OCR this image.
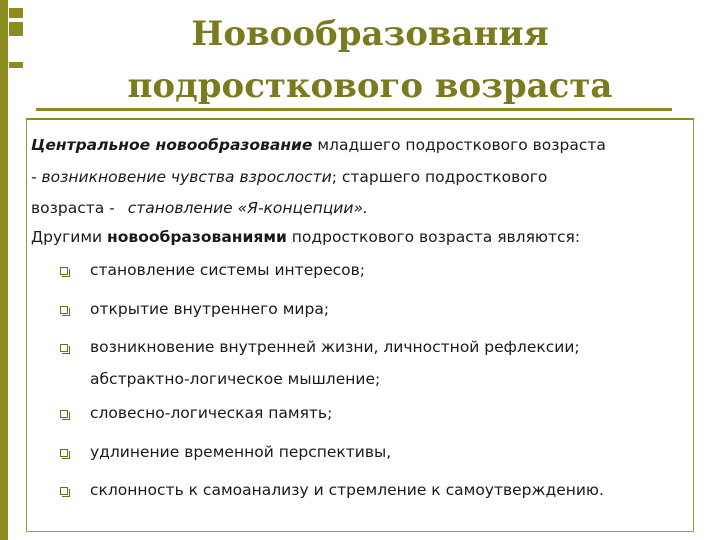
Новообразования
подросткового возраста
Центральное новообразование младшего подросткового возраста
- возникновение чувства взрослости; старшего подросткового
возраста - становление «Я-концепции».
Другими новообразованиями подросткового возраста являются:
становление системы интересов;
открытие внутреннего мира;
возникновение внутренней жизни, личностной рефлексии;
абстрактно-логическое мышление;
словесно-логическая память;
удлинение временной перспективы,
склонность к самоанализу и стремление к самоутверждению.
